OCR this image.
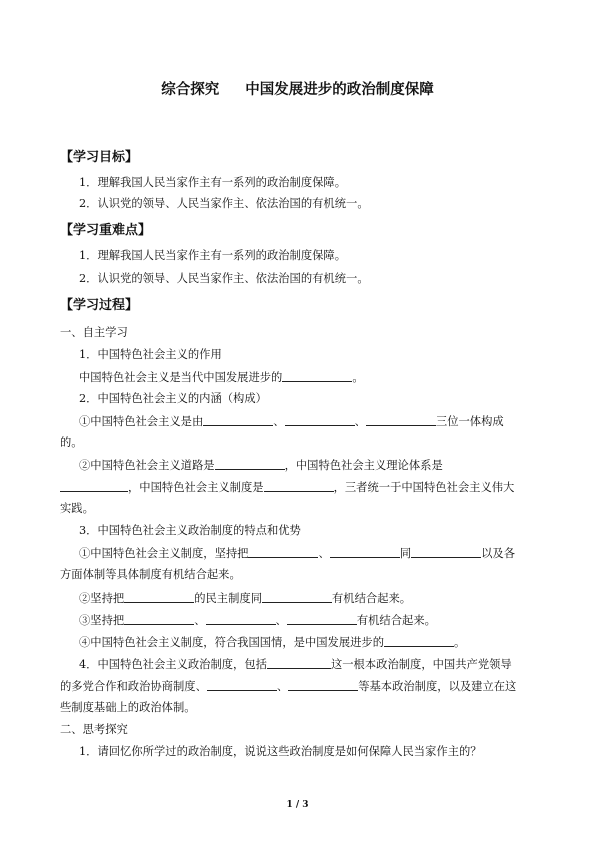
综合探究 中国发展进步的政治制度保障
【学习目标】
1．理解我国人民当家作主有一系列的政治制度保障。
2．认识党的领导、人民当家作主、依法治国的有机统一。
【学习重难点】
1．理解我国人民当家作主有一系列的政治制度保障。
2．认识党的领导、人民当家作主、依法治国的有机统一。
【学习过程】
一、自主学习
1．中国特色社会主义的作用
中国特色社会主义是当代中国发展进步的	。
2．中国特色社会主义的内涵（构成）
①中国特色社会主义是由	、	、	三位一体构成
的。
②中国特色社会主义道路是	，中国特色社会主义理论体系是
，中国特色社会主义制度是	，三者统一于中国特色社会主义伟大
实践。
3．中国特色社会主义政治制度的特点和优势
①中国特色社会主义制度，坚持把	、	同	以及各
方面体制等具体制度有机结合起来。
②坚持把	的民主制度同	有机结合起来。
③坚持把	、	、	有机结合起来。
④中国特色社会主义制度，符合我国国情，是中国发展进步的	。
4．中国特色社会主义政治制度，包括	这一根本政治制度，中国共产党领导
的多党合作和政治协商制度、	、	等基本政治制度，以及建立在这
些制度基础上的政治体制。
二、思考探究
1．请回忆你所学过的政治制度，说说这些政治制度是如何保障人民当家作主的？
1 / 3
